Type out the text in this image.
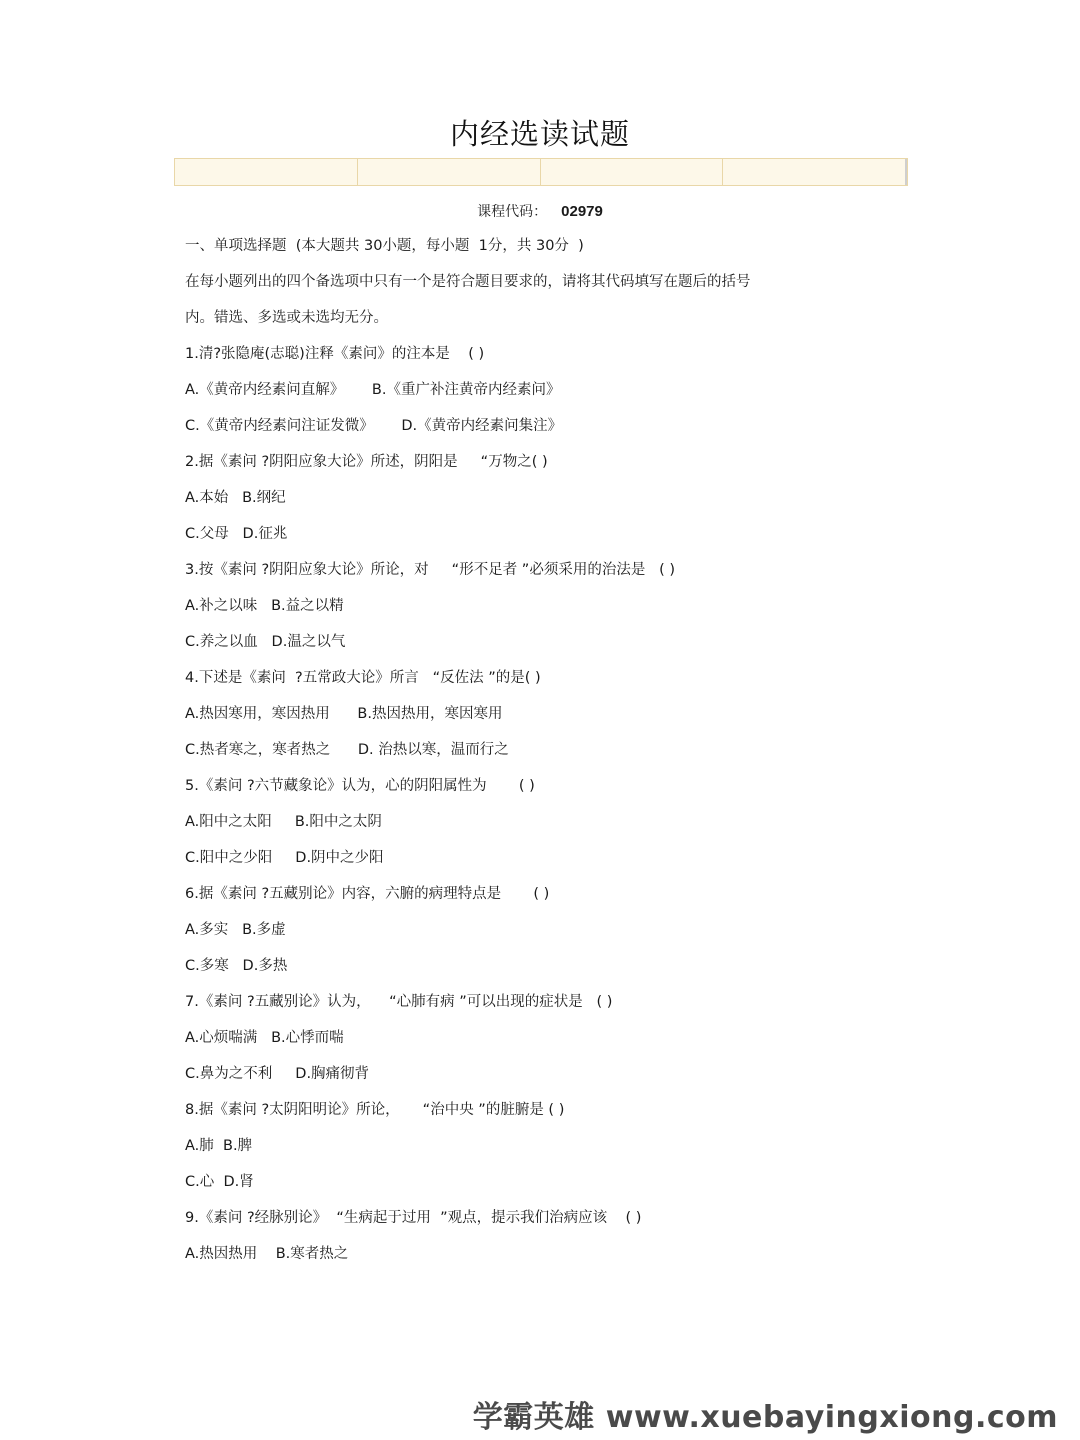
内经选读试题
课程代码： 02979
一、单项选择题  (本大题共 30小题，每小题  1分，共 30分  )
在每小题列出的四个备选项中只有一个是符合题目要求的，请将其代码填写在题后的括号
内。错选、多选或未选均无分。
1.清?张隐庵(志聪)注释《素问》的注本是    ( )
A.《黄帝内经素问直解》      B.《重广补注黄帝内经素问》
C.《黄帝内经素问注证发微》      D.《黄帝内经素问集注》
2.据《素问 ?阴阳应象大论》所述，阴阳是     “万物之( )
A.本始   B.纲纪
C.父母   D.征兆
3.按《素问 ?阴阳应象大论》所论，对     “形不足者 ”必须采用的治法是   ( )
A.补之以味   B.益之以精
C.养之以血   D.温之以气
4.下述是《素问  ?五常政大论》所言   “反佐法 ”的是( )
A.热因寒用，寒因热用      B.热因热用，寒因寒用
C.热者寒之，寒者热之      D. 治热以寒，温而行之
5.《素问 ?六节藏象论》认为，心的阴阳属性为       ( )
A.阳中之太阳     B.阳中之太阴
C.阳中之少阳     D.阴中之少阳
6.据《素问 ?五藏别论》内容，六腑的病理特点是       ( )
A.多实   B.多虚
C.多寒   D.多热
7.《素问 ?五藏别论》认为，    “心肺有病 ”可以出现的症状是   ( )
A.心烦喘满   B.心悸而喘
C.鼻为之不利     D.胸痛彻背
8.据《素问 ?太阴阳明论》所论，     “治中央 ”的脏腑是 ( )
A.肺  B.脾
C.心  D.肾
9.《素问 ?经脉别论》  “生病起于过用  ”观点，提示我们治病应该    ( )
A.热因热用    B.寒者热之
学霸英雄 www.xuebayingxiong.com
